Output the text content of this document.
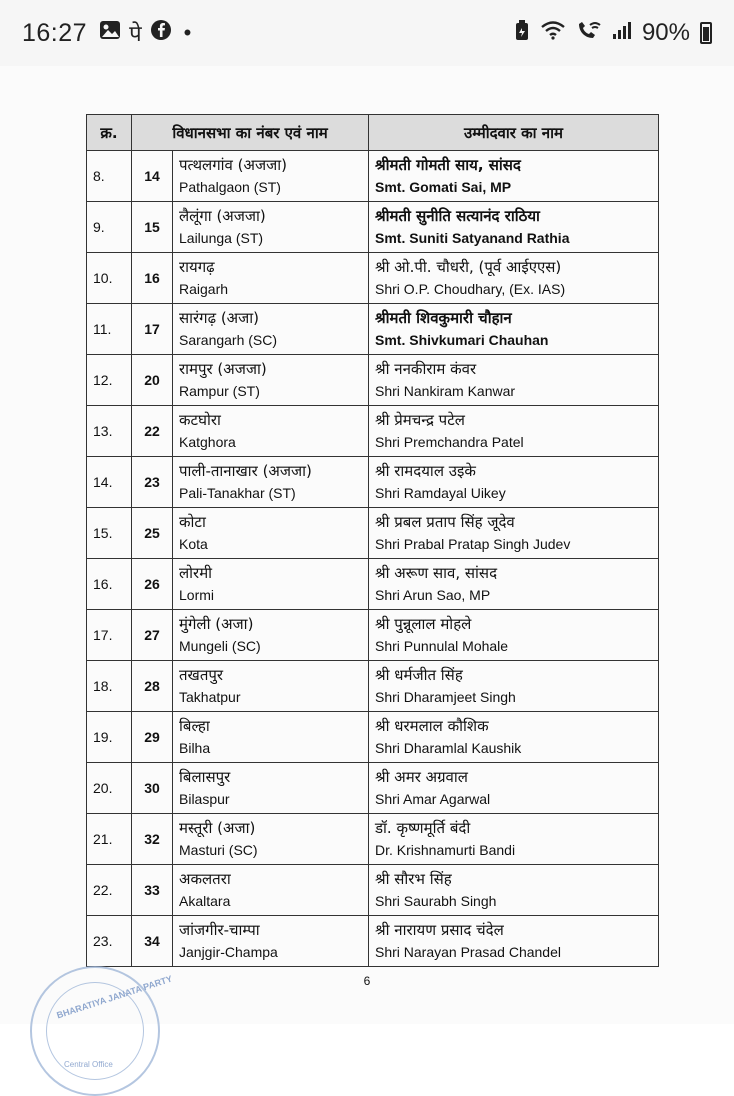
16:27 पे •	90%
क्र.	विधानसभा का नंबर एवं नाम		उम्मीदवार का नाम
8.	14	पत्थलगांव (अजजा)
Pathalgaon (ST)	श्रीमती गोमती साय, सांसद
Smt. Gomati Sai, MP

9.	15	लैलूंगा (अजजा)
Lailunga (ST)	श्रीमती सुनीति सत्यानंद राठिया
Smt. Suniti Satyanand Rathia

10.	16	रायगढ़
Raigarh	श्री ओ.पी. चौधरी, (पूर्व आईएएस)
Shri O.P. Choudhary, (Ex. IAS)

11.	17	सारंगढ़ (अजा)
Sarangarh (SC)	श्रीमती शिवकुमारी चौहान
Smt. Shivkumari Chauhan

12.	20	रामपुर (अजजा)
Rampur (ST)	श्री ननकीराम कंवर
Shri Nankiram Kanwar

13.	22	कटघोरा
Katghora	श्री प्रेमचन्द्र पटेल
Shri Premchandra Patel

14.	23	पाली-तानाखार (अजजा)
Pali-Tanakhar (ST)	श्री रामदयाल उइके
Shri Ramdayal Uikey

15.	25	कोटा
Kota	श्री प्रबल प्रताप सिंह जूदेव
Shri Prabal Pratap Singh Judev

16.	26	लोरमी
Lormi	श्री अरूण साव, सांसद
Shri Arun Sao, MP

17.	27	मुंगेली (अजा)
Mungeli (SC)	श्री पुन्नूलाल मोहले
Shri Punnulal Mohale

18.	28	तखतपुर
Takhatpur	श्री धर्मजीत सिंह
Shri Dharamjeet Singh

19.	29	बिल्हा
Bilha	श्री धरमलाल कौशिक
Shri Dharamlal Kaushik

20.	30	बिलासपुर
Bilaspur	श्री अमर अग्रवाल
Shri Amar Agarwal

21.	32	मस्तूरी (अजा)
Masturi (SC)	डॉ. कृष्णमूर्ति बंदी
Dr. Krishnamurti Bandi

22.	33	अकलतरा
Akaltara	श्री सौरभ सिंह
Shri Saurabh Singh

23.	34	जांजगीर-चाम्पा
Janjgir-Champa	श्री नारायण प्रसाद चंदेल
Shri Narayan Prasad Chandel
6
BHARATIYA JANATA PARTY
Central Office
